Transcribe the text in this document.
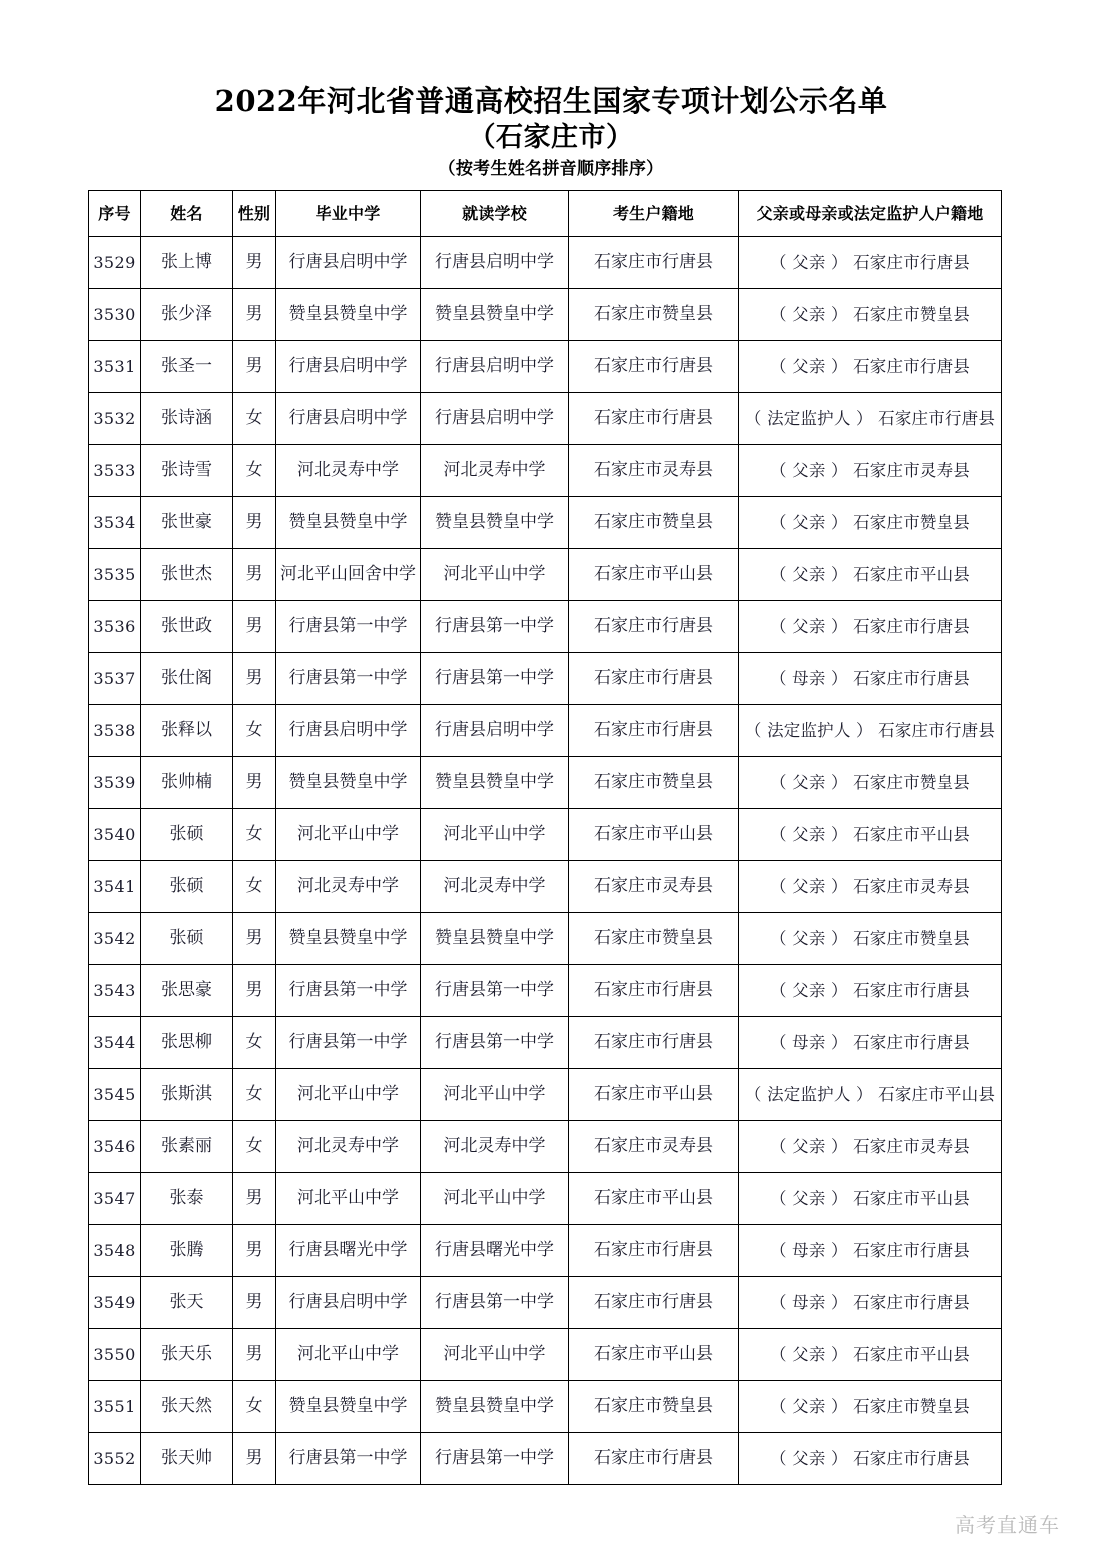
2022年河北省普通高校招生国家专项计划公示名单
（石家庄市）
（按考生姓名拼音顺序排序）
序号	姓名	性别	毕业中学	就读学校	考生户籍地	父亲或母亲或法定监护人户籍地
3529	张上博	男	行唐县启明中学	行唐县启明中学	石家庄市行唐县	（ 父亲 ） 石家庄市行唐县
3530	张少泽	男	赞皇县赞皇中学	赞皇县赞皇中学	石家庄市赞皇县	（ 父亲 ） 石家庄市赞皇县
3531	张圣一	男	行唐县启明中学	行唐县启明中学	石家庄市行唐县	（ 父亲 ） 石家庄市行唐县
3532	张诗涵	女	行唐县启明中学	行唐县启明中学	石家庄市行唐县	（ 法定监护人 ） 石家庄市行唐县
3533	张诗雪	女	河北灵寿中学	河北灵寿中学	石家庄市灵寿县	（ 父亲 ） 石家庄市灵寿县
3534	张世豪	男	赞皇县赞皇中学	赞皇县赞皇中学	石家庄市赞皇县	（ 父亲 ） 石家庄市赞皇县
3535	张世杰	男	河北平山回舍中学	河北平山中学	石家庄市平山县	（ 父亲 ） 石家庄市平山县
3536	张世政	男	行唐县第一中学	行唐县第一中学	石家庄市行唐县	（ 父亲 ） 石家庄市行唐县
3537	张仕阁	男	行唐县第一中学	行唐县第一中学	石家庄市行唐县	（ 母亲 ） 石家庄市行唐县
3538	张释以	女	行唐县启明中学	行唐县启明中学	石家庄市行唐县	（ 法定监护人 ） 石家庄市行唐县
3539	张帅楠	男	赞皇县赞皇中学	赞皇县赞皇中学	石家庄市赞皇县	（ 父亲 ） 石家庄市赞皇县
3540	张硕	女	河北平山中学	河北平山中学	石家庄市平山县	（ 父亲 ） 石家庄市平山县
3541	张硕	女	河北灵寿中学	河北灵寿中学	石家庄市灵寿县	（ 父亲 ） 石家庄市灵寿县
3542	张硕	男	赞皇县赞皇中学	赞皇县赞皇中学	石家庄市赞皇县	（ 父亲 ） 石家庄市赞皇县
3543	张思豪	男	行唐县第一中学	行唐县第一中学	石家庄市行唐县	（ 父亲 ） 石家庄市行唐县
3544	张思柳	女	行唐县第一中学	行唐县第一中学	石家庄市行唐县	（ 母亲 ） 石家庄市行唐县
3545	张斯淇	女	河北平山中学	河北平山中学	石家庄市平山县	（ 法定监护人 ） 石家庄市平山县
3546	张素丽	女	河北灵寿中学	河北灵寿中学	石家庄市灵寿县	（ 父亲 ） 石家庄市灵寿县
3547	张泰	男	河北平山中学	河北平山中学	石家庄市平山县	（ 父亲 ） 石家庄市平山县
3548	张腾	男	行唐县曙光中学	行唐县曙光中学	石家庄市行唐县	（ 母亲 ） 石家庄市行唐县
3549	张天	男	行唐县启明中学	行唐县第一中学	石家庄市行唐县	（ 母亲 ） 石家庄市行唐县
3550	张天乐	男	河北平山中学	河北平山中学	石家庄市平山县	（ 父亲 ） 石家庄市平山县
3551	张天然	女	赞皇县赞皇中学	赞皇县赞皇中学	石家庄市赞皇县	（ 父亲 ） 石家庄市赞皇县
3552	张天帅	男	行唐县第一中学	行唐县第一中学	石家庄市行唐县	（ 父亲 ） 石家庄市行唐县
高考直通车
